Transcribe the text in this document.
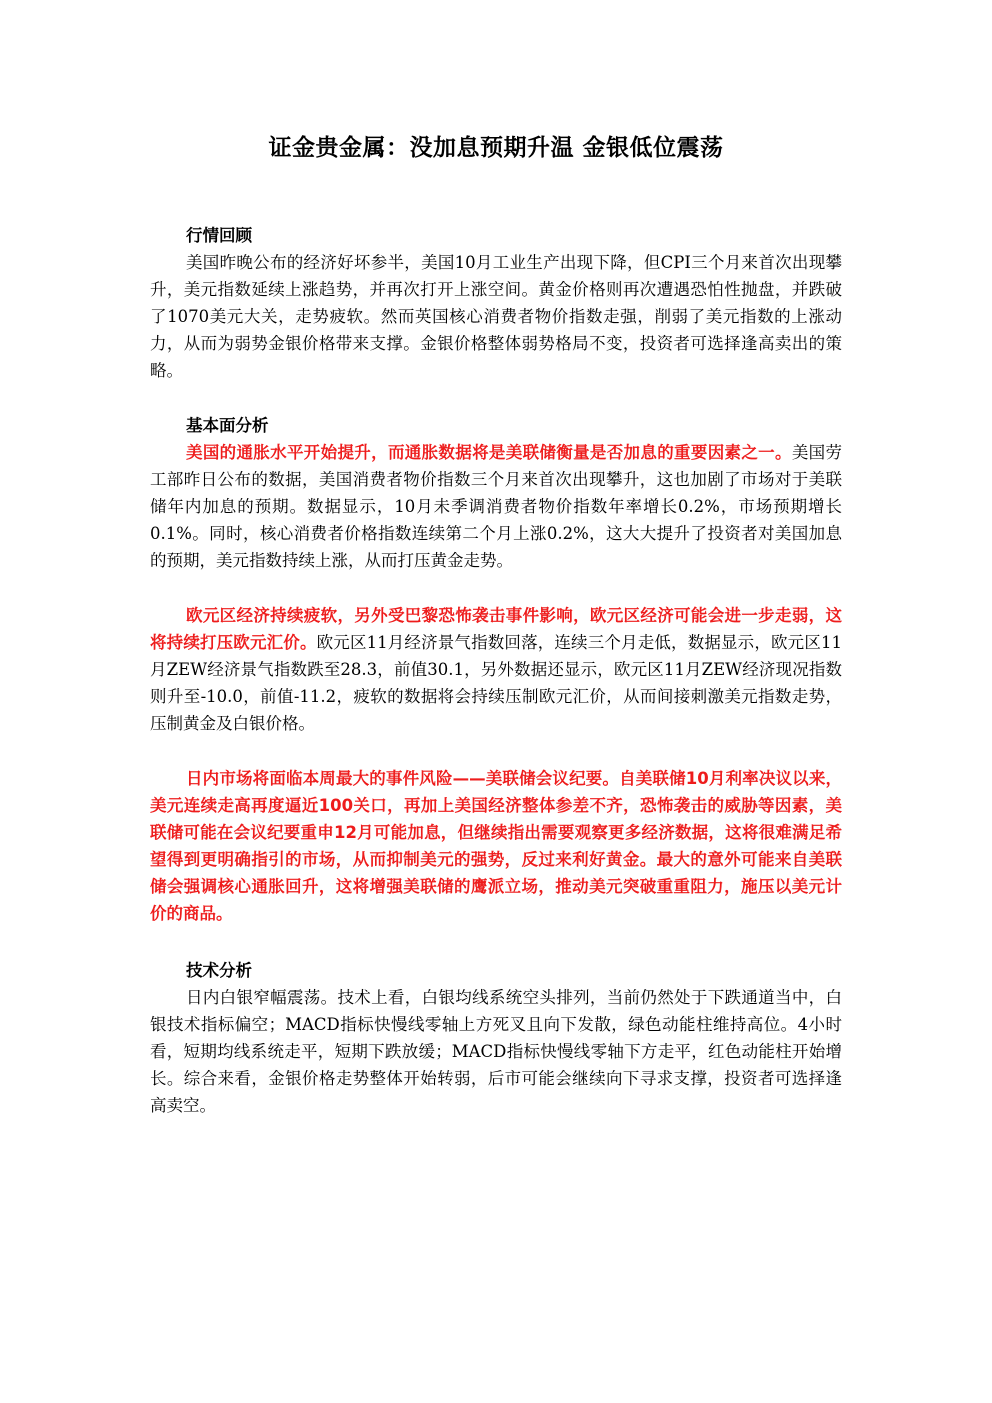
证金贵金属：没加息预期升温 金银低位震荡

行情回顾

美国昨晚公布的经济好坏参半，美国10月工业生产出现下降，但CPI三个月来首次出现攀升，美元指数延续上涨趋势，并再次打开上涨空间。黄金价格则再次遭遇恐怕性抛盘，并跌破了1070美元大关，走势疲软。然而英国核心消费者物价指数走强，削弱了美元指数的上涨动力，从而为弱势金银价格带来支撑。金银价格整体弱势格局不变，投资者可选择逢高卖出的策略。

基本面分析

美国的通胀水平开始提升，而通胀数据将是美联储衡量是否加息的重要因素之一。美国劳工部昨日公布的数据，美国消费者物价指数三个月来首次出现攀升，这也加剧了市场对于美联储年内加息的预期。数据显示，10月未季调消费者物价指数年率增长0.2%，市场预期增长0.1%。同时，核心消费者价格指数连续第二个月上涨0.2%，这大大提升了投资者对美国加息的预期，美元指数持续上涨，从而打压黄金走势。

欧元区经济持续疲软，另外受巴黎恐怖袭击事件影响，欧元区经济可能会进一步走弱，这将持续打压欧元汇价。欧元区11月经济景气指数回落，连续三个月走低，数据显示，欧元区11月ZEW经济景气指数跌至28.3，前值30.1，另外数据还显示，欧元区11月ZEW经济现况指数则升至-10.0，前值-11.2，疲软的数据将会持续压制欧元汇价，从而间接刺激美元指数走势，压制黄金及白银价格。

日内市场将面临本周最大的事件风险——美联储会议纪要。自美联储10月利率决议以来，美元连续走高再度逼近100关口，再加上美国经济整体参差不齐，恐怖袭击的威胁等因素，美联储可能在会议纪要重申12月可能加息，但继续指出需要观察更多经济数据，这将很难满足希望得到更明确指引的市场，从而抑制美元的强势，反过来利好黄金。最大的意外可能来自美联储会强调核心通胀回升，这将增强美联储的鹰派立场，推动美元突破重重阻力，施压以美元计价的商品。

技术分析

日内白银窄幅震荡。技术上看，白银均线系统空头排列，当前仍然处于下跌通道当中，白银技术指标偏空；MACD指标快慢线零轴上方死叉且向下发散，绿色动能柱维持高位。4小时看，短期均线系统走平，短期下跌放缓；MACD指标快慢线零轴下方走平，红色动能柱开始增长。综合来看，金银价格走势整体开始转弱，后市可能会继续向下寻求支撑，投资者可选择逢高卖空。
